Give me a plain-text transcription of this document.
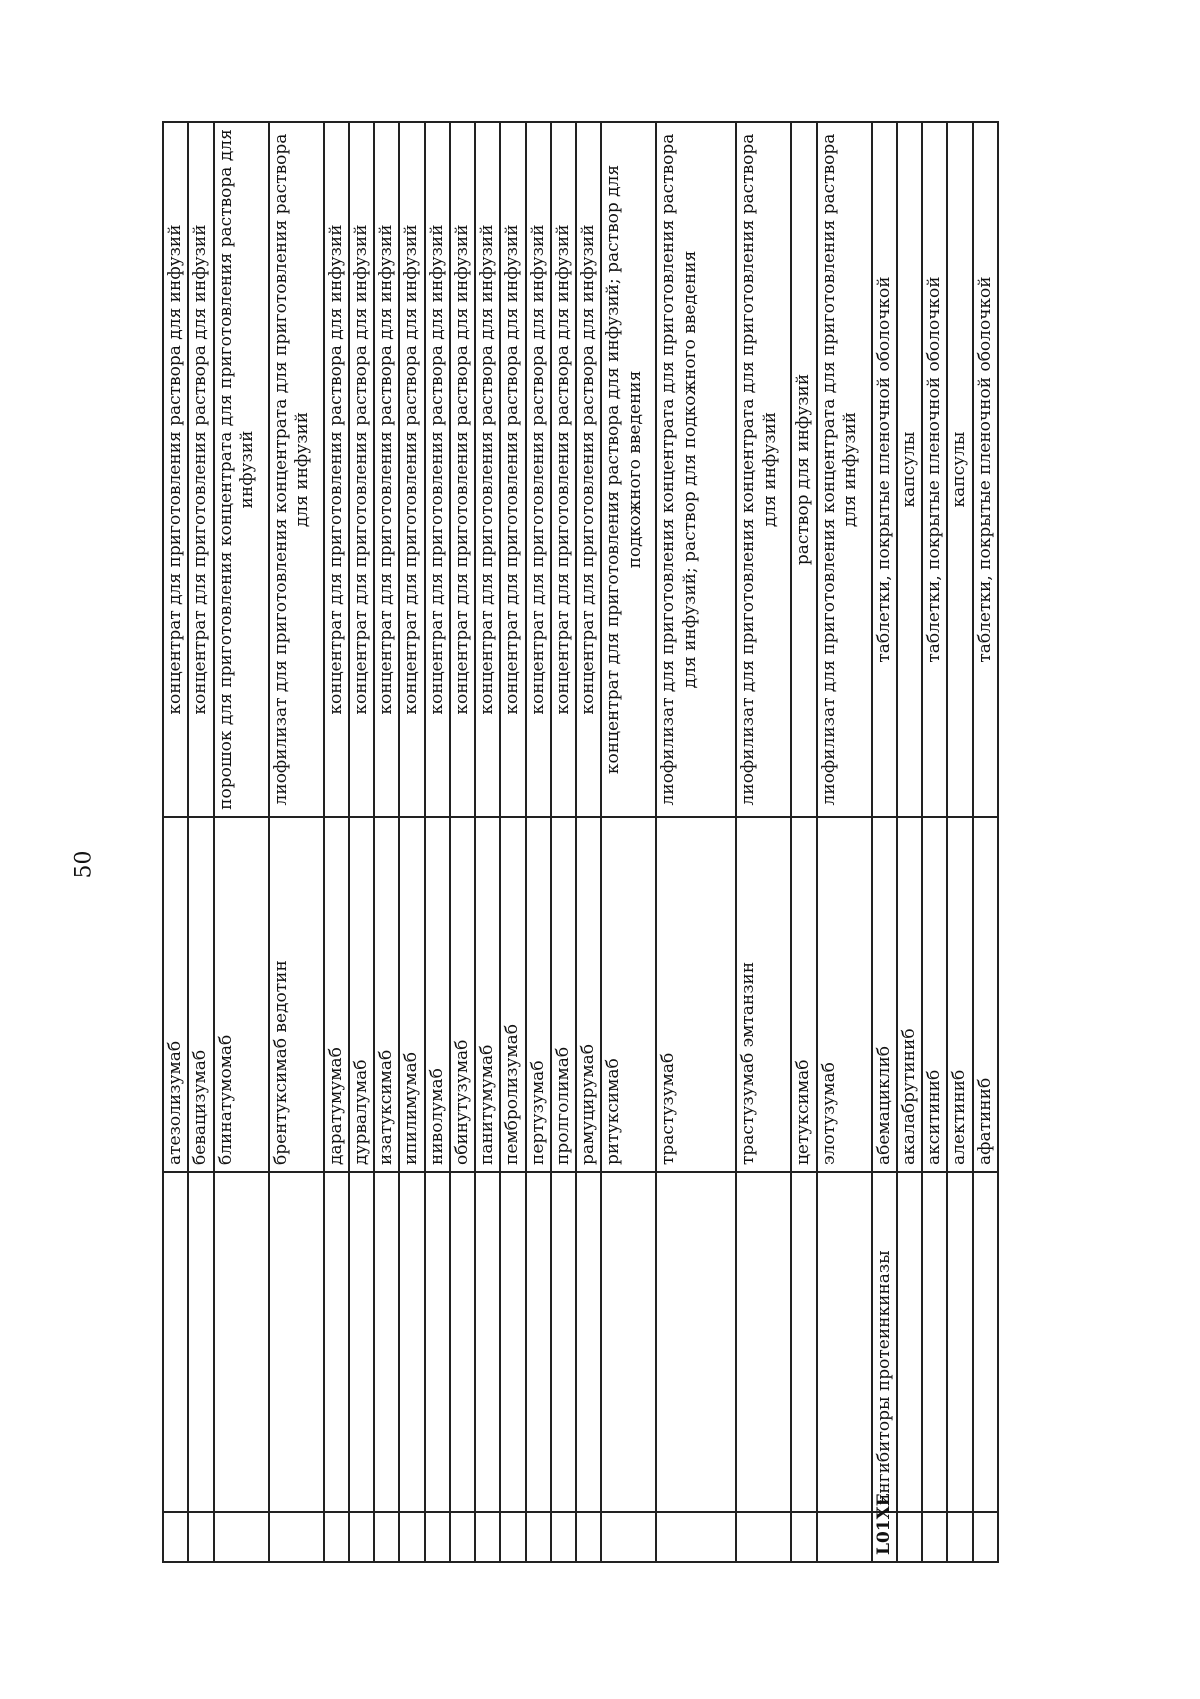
50
		атезолизумаб	концентрат для приготовления раствора для инфузий
		бевацизумаб	концентрат для приготовления раствора для инфузий
		блинатумомаб	порошок для приготовления концентрата для приготовления раствора для инфузий
		брентуксимаб ведотин	лиофилизат для приготовления концентрата для приготовления раствора для инфузий
		даратумумаб	концентрат для приготовления раствора для инфузий
		дурвалумаб	концентрат для приготовления раствора для инфузий
		изатуксимаб	концентрат для приготовления раствора для инфузий
		ипилимумаб	концентрат для приготовления раствора для инфузий
		ниволумаб	концентрат для приготовления раствора для инфузий
		обинутузумаб	концентрат для приготовления раствора для инфузий
		панитумумаб	концентрат для приготовления раствора для инфузий
		пембролизумаб	концентрат для приготовления раствора для инфузий
		пертузумаб	концентрат для приготовления раствора для инфузий
		пролголимаб	концентрат для приготовления раствора для инфузий
		рамуцирумаб	концентрат для приготовления раствора для инфузий
		ритуксимаб	концентрат для приготовления раствора для инфузий; раствор для подкожного введения
		трастузумаб	лиофилизат для приготовления концентрата для приготовления раствора для инфузий; раствор для подкожного введения
		трастузумаб эмтанзин	лиофилизат для приготовления концентрата для приготовления раствора для инфузий
		цетуксимаб	раствор для инфузий
		элотузумаб	лиофилизат для приготовления концентрата для приготовления раствора для инфузий
L01XE	ингибиторы протеинкиназы	абемациклиб	таблетки, покрытые пленочной оболочкой
		акалабрутиниб	капсулы
		акситиниб	таблетки, покрытые пленочной оболочкой
		алектиниб	капсулы
		афатиниб	таблетки, покрытые пленочной оболочкой
